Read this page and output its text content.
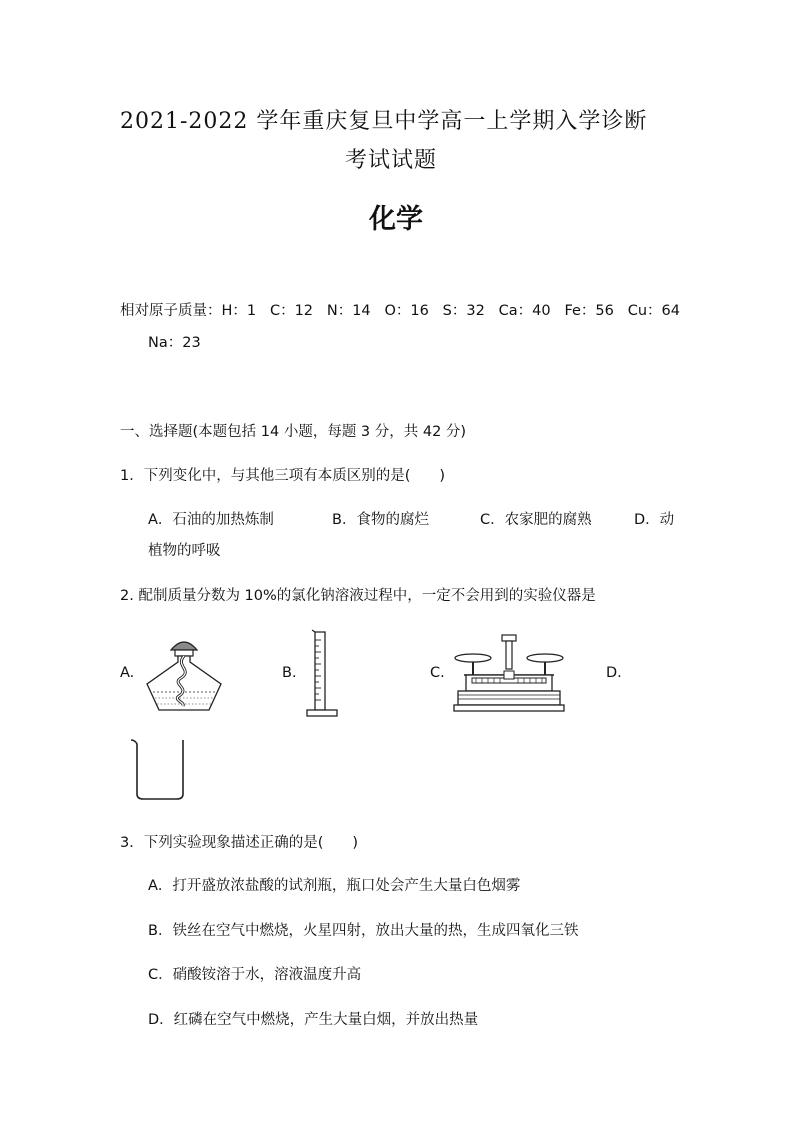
2021-2022 学年重庆复旦中学高一上学期入学诊断
考试试题
化学
相对原子质量：H：1   C：12   N：14   O：16   S：32   Ca：40   Fe：56   Cu：64
Na：23
一、选择题(本题包括 14 小题，每题 3 分，共 42 分)
1．下列变化中，与其他三项有本质区别的是(　　)
A．石油的加热炼制	B．食物的腐烂	C．农家肥的腐熟	D．动
植物的呼吸
2. 配制质量分数为 10%的氯化钠溶液过程中，一定不会用到的实验仪器是
A.	B.	C.	D.
3．下列实验现象描述正确的是(　　)
A．打开盛放浓盐酸的试剂瓶，瓶口处会产生大量白色烟雾
B．铁丝在空气中燃烧，火星四射，放出大量的热，生成四氧化三铁
C．硝酸铵溶于水，溶液温度升高
D．红磷在空气中燃烧，产生大量白烟，并放出热量
